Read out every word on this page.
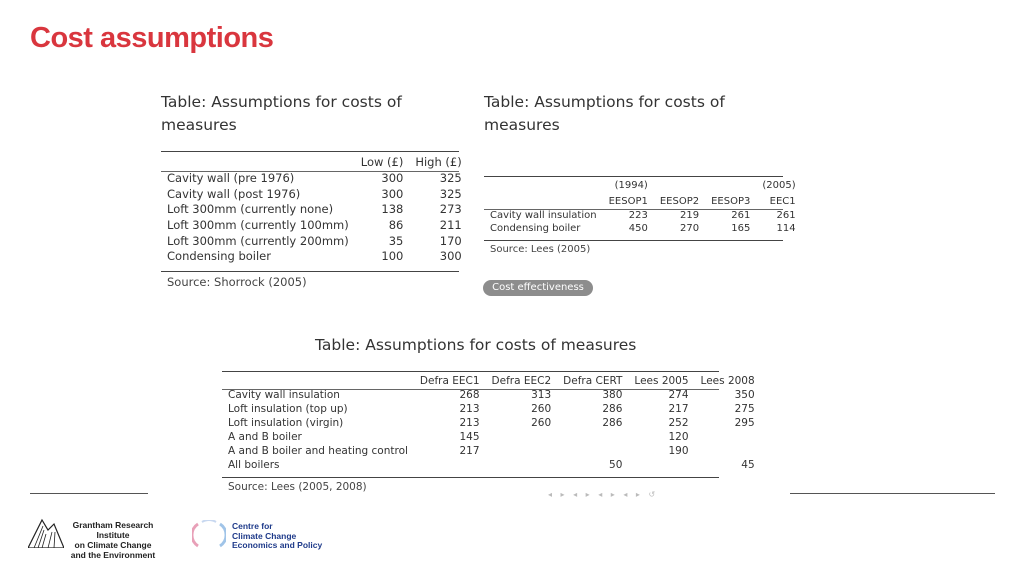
Cost assumptions
Table: Assumptions for costs of measures
	Low (£)	High (£)
Cavity wall (pre 1976)	300	325
Cavity wall (post 1976)	300	325
Loft 300mm (currently none)	138	273
Loft 300mm (currently 100mm)	86	211
Loft 300mm (currently 200mm)	35	170
Condensing boiler	100	300
Source: Shorrock (2005)
Table: Assumptions for costs of measures
	(1994)			(2005)
	EESOP1	EESOP2	EESOP3	EEC1
Cavity wall insulation	223	219	261	261
Condensing boiler	450	270	165	114
Source: Lees (2005)
Cost effectiveness
Table: Assumptions for costs of measures
	Defra EEC1	Defra EEC2	Defra CERT	Lees 2005	Lees 2008
Cavity wall insulation	268	313	380	274	350
Loft insulation (top up)	213	260	286	217	275
Loft insulation (virgin)	213	260	286	252	295
A and B boiler	145			120	
A and B boiler and heating control	217			190	
All boilers			50		45
Source: Lees (2005, 2008)
◂ ▸ ◂ ▸ ◂ ▸ ◂ ▸ ↺
Grantham Research Institute
on Climate Change
and the Environment
Centre for
Climate Change
Economics and Policy
